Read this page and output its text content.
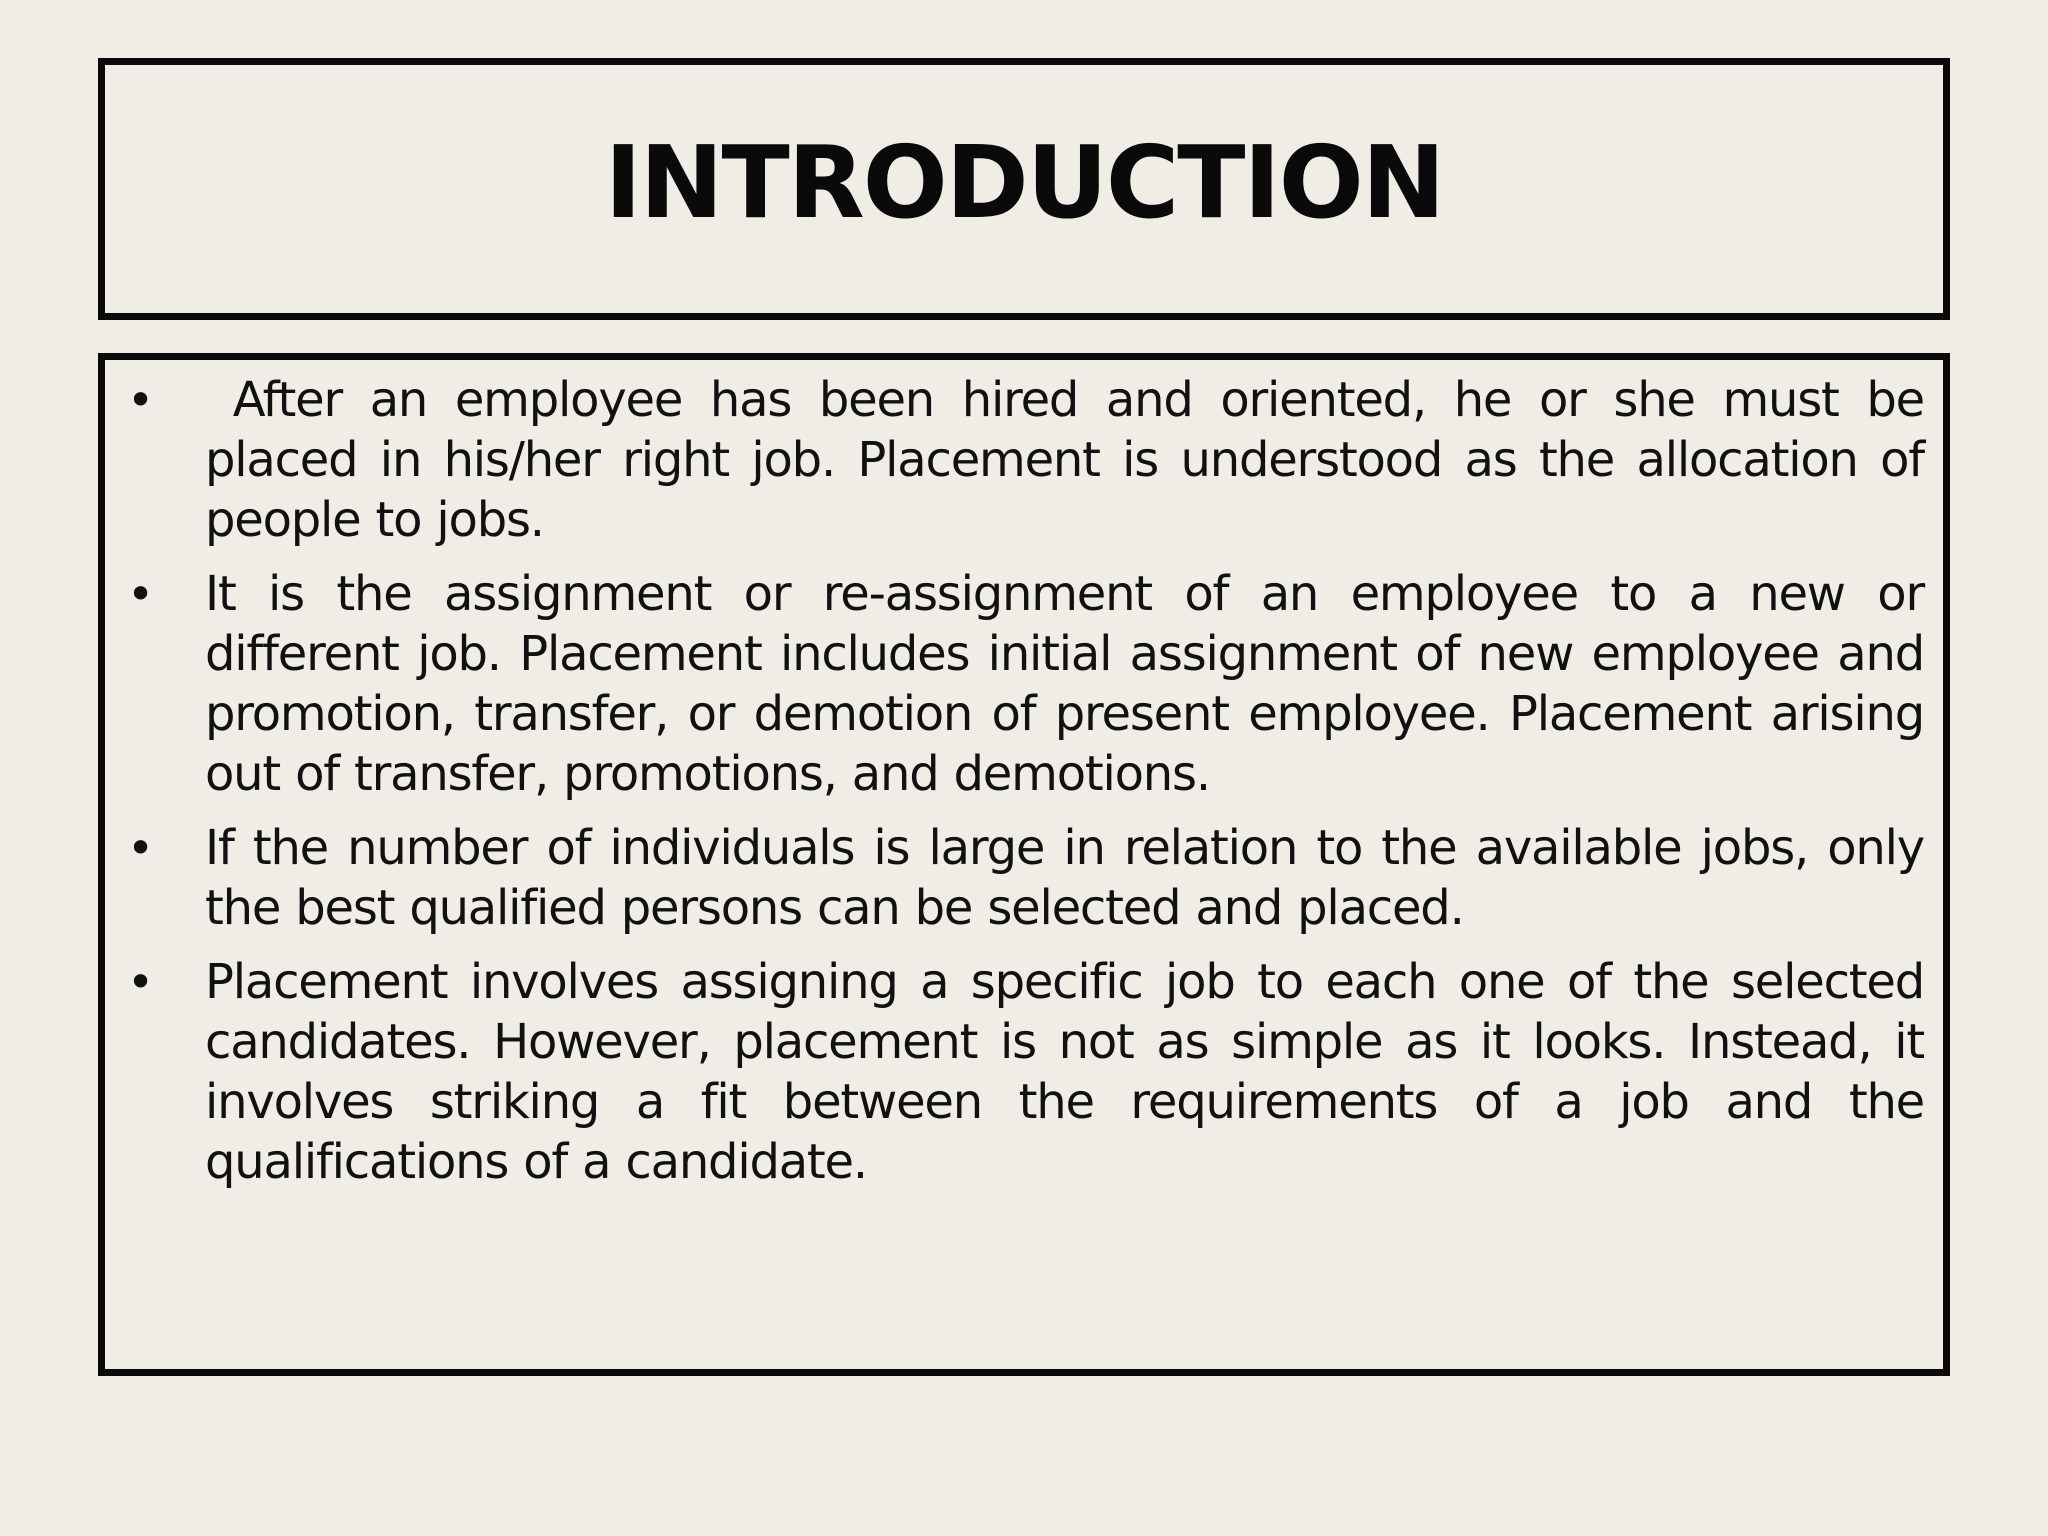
INTRODUCTION
• After an employee has been hired and oriented, he or she must be placed in his/her right job. Placement is understood as the allocation of people to jobs.
• It is the assignment or re-assignment of an employee to a new or different job. Placement includes initial assignment of new employee and promotion, transfer, or demotion of present employee. Placement arising out of transfer, promotions, and demotions.
• If the number of individuals is large in relation to the available jobs, only the best qualified persons can be selected and placed.
• Placement involves assigning a specific job to each one of the selected candidates. However, placement is not as simple as it looks. Instead, it involves striking a fit between the requirements of a job and the qualifications of a candidate.
